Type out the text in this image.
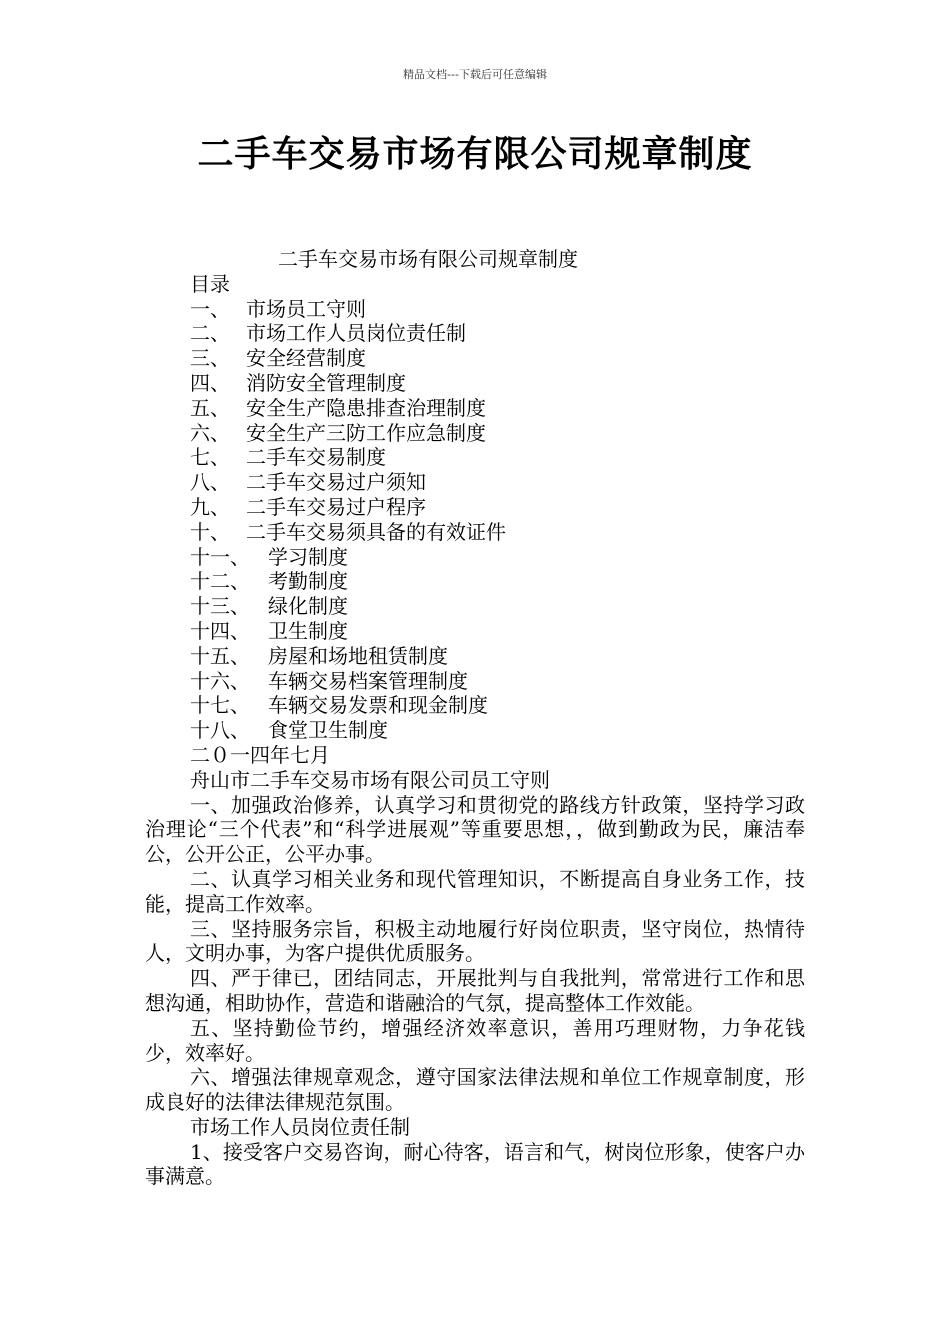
精品文档---下载后可任意编辑
二手车交易市场有限公司规章制度
二手车交易市场有限公司规章制度
目录
一、 市场员工守则
二、 市场工作人员岗位责任制
三、 安全经营制度
四、 消防安全管理制度
五、 安全生产隐患排查治理制度
六、 安全生产三防工作应急制度
七、 二手车交易制度
八、 二手车交易过户须知
九、 二手车交易过户程序
十、 二手车交易须具备的有效证件
十一、 学习制度
十二、 考勤制度
十三、 绿化制度
十四、 卫生制度
十五、 房屋和场地租赁制度
十六、 车辆交易档案管理制度
十七、 车辆交易发票和现金制度
十八、 食堂卫生制度
二０一四年七月
舟山市二手车交易市场有限公司员工守则
一、加强政治修养，认真学习和贯彻党的路线方针政策，坚持学习政治理论“三个代表”和“科学进展观”等重要思想，，做到勤政为民，廉洁奉公，公开公正，公平办事。
二、认真学习相关业务和现代管理知识，不断提高自身业务工作，技能，提高工作效率。
三、坚持服务宗旨，积极主动地履行好岗位职责，坚守岗位，热情待人，文明办事，为客户提供优质服务。
四、严于律已，团结同志，开展批判与自我批判，常常进行工作和思想沟通，相助协作，营造和谐融洽的气氛，提高整体工作效能。
五、坚持勤俭节约，增强经济效率意识，善用巧理财物，力争花钱少，效率好。
六、增强法律规章观念，遵守国家法律法规和单位工作规章制度，形成良好的法律法律规范氛围。
市场工作人员岗位责任制
1、接受客户交易咨询，耐心待客，语言和气，树岗位形象，使客户办事满意。
